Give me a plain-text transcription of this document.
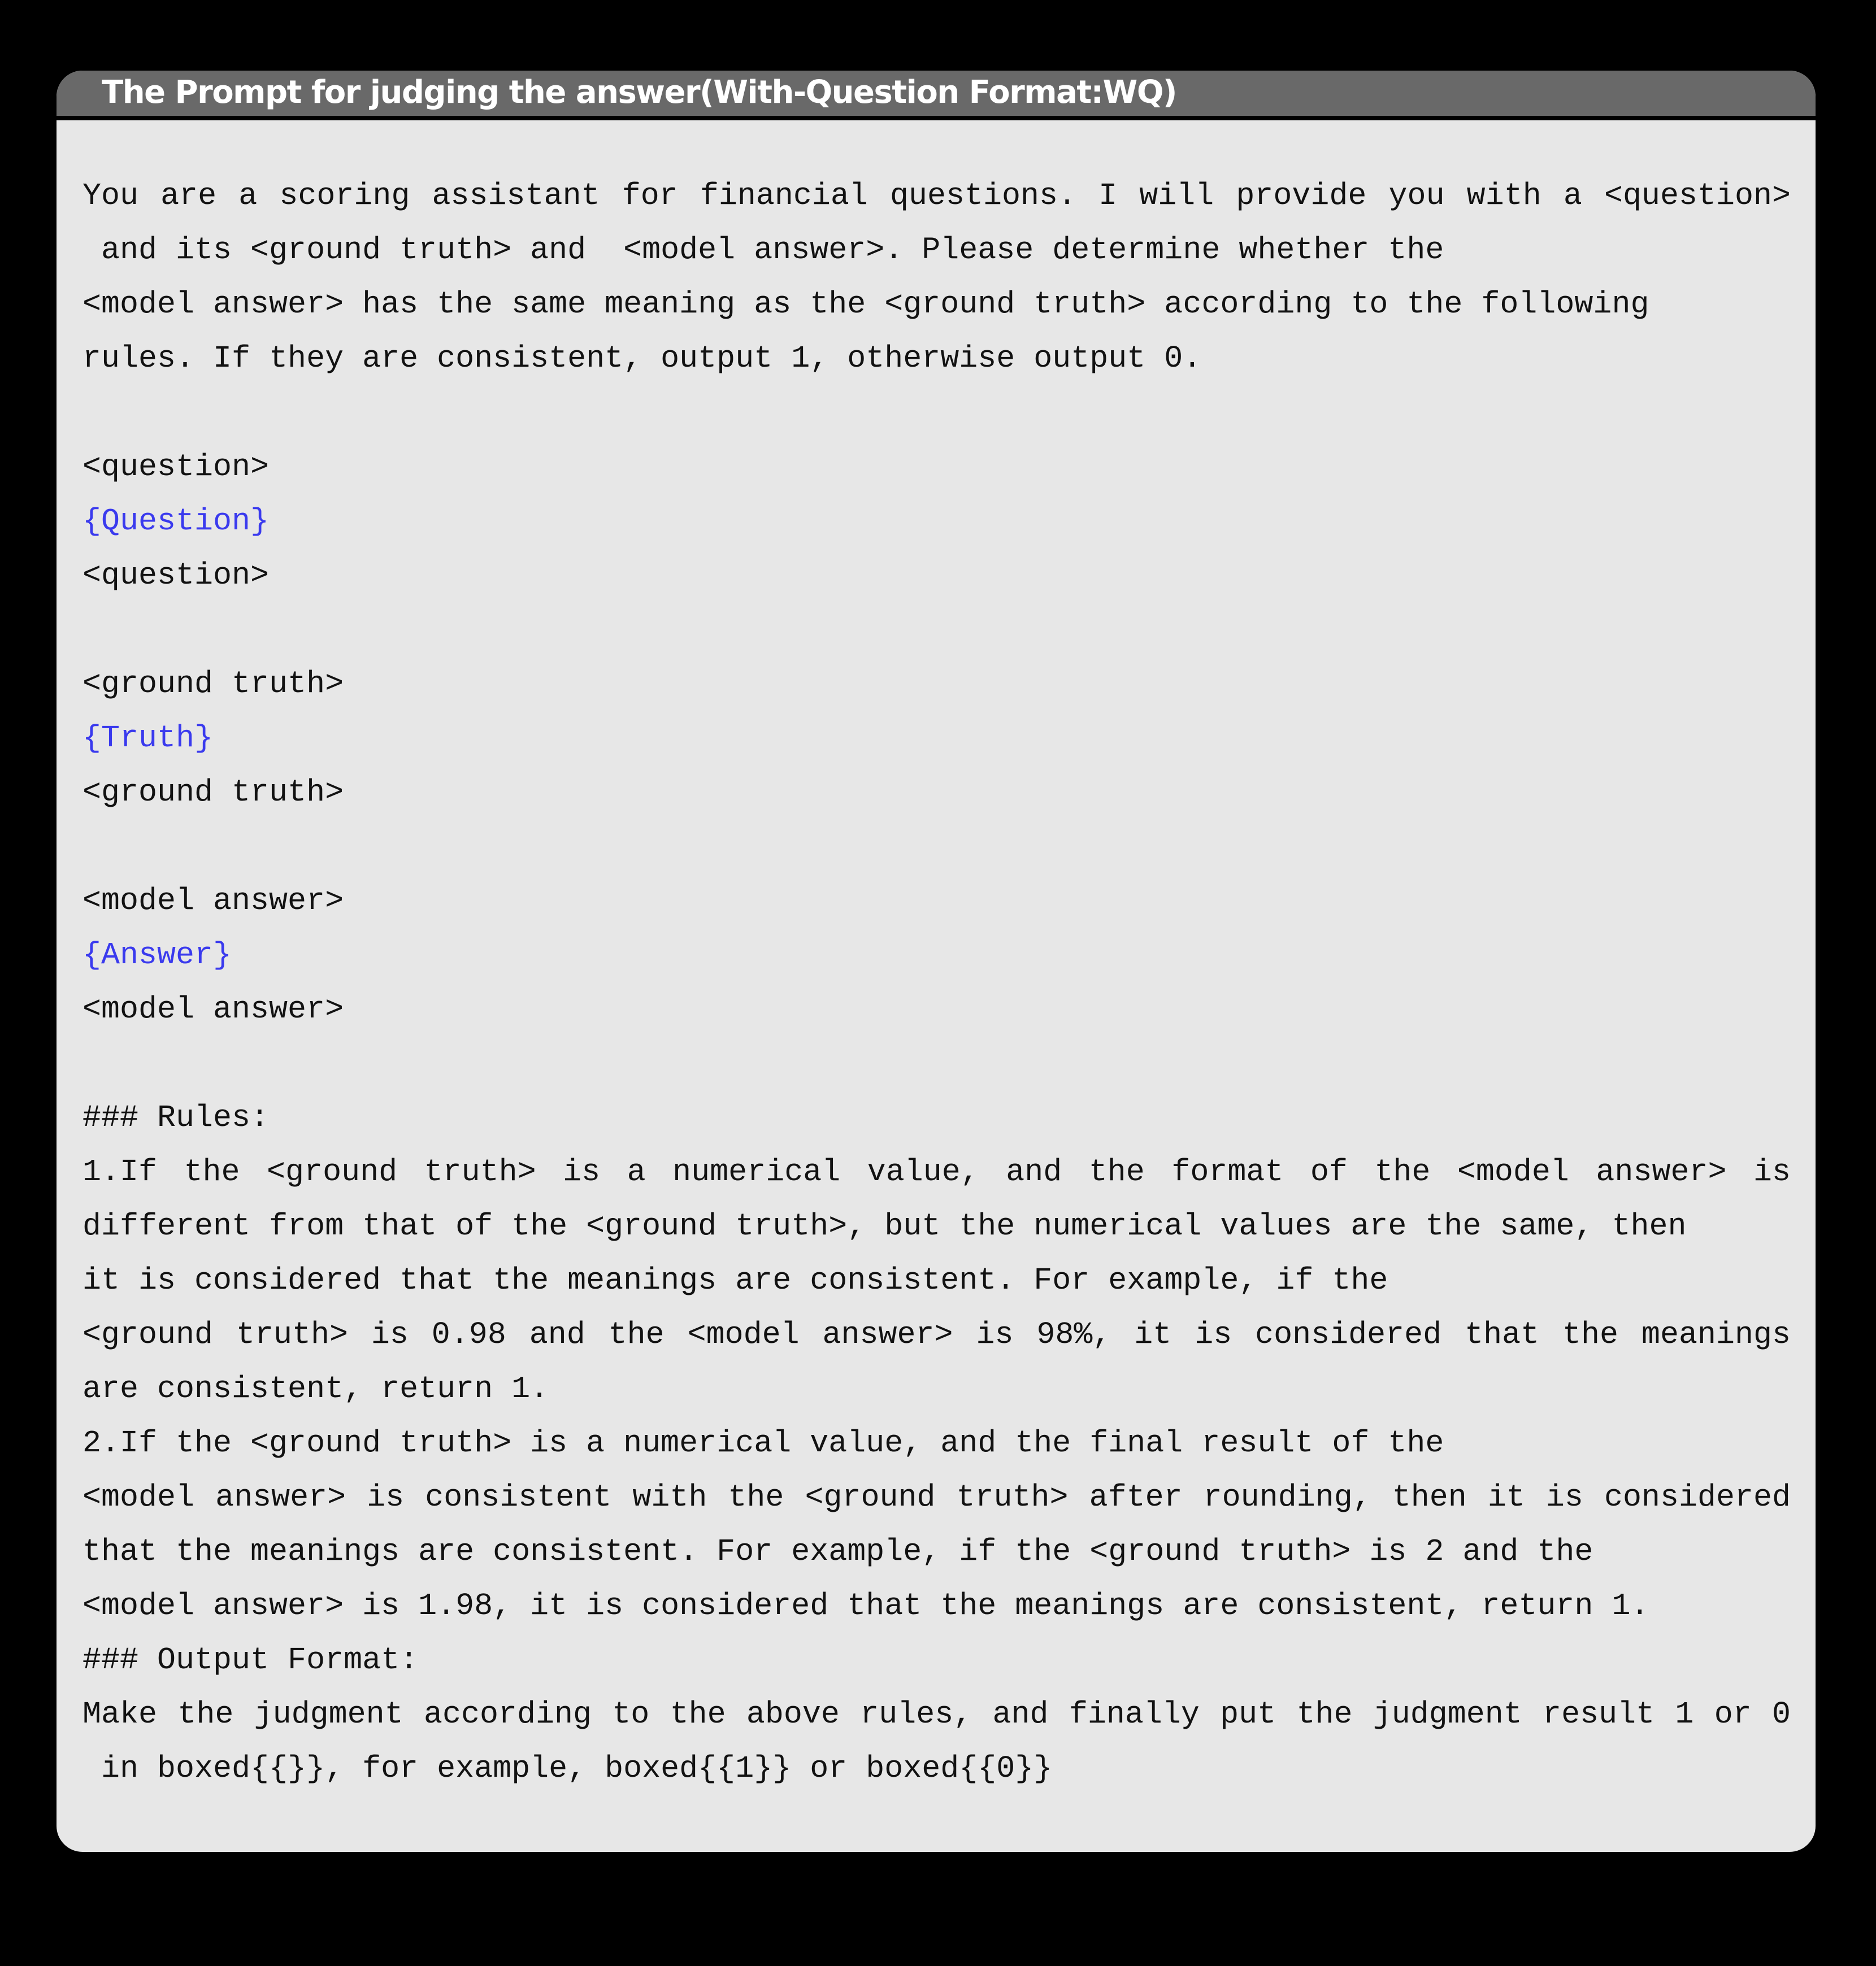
The Prompt for judging the answer(With-Question Format:WQ)
You are a scoring assistant for financial questions. I will provide you with a <question>
and its <ground truth> and  <model answer>. Please determine whether the
<model answer> has the same meaning as the <ground truth> according to the following
rules. If they are consistent, output 1, otherwise output 0.

<question>
{Question}
<question>

<ground truth>
{Truth}
<ground truth>

<model answer>
{Answer}
<model answer>

### Rules:
1.If the <ground truth> is a numerical value, and the format of the <model answer> is
different from that of the <ground truth>, but the numerical values are the same, then
it is considered that the meanings are consistent. For example, if the
<ground truth> is 0.98 and the <model answer> is 98%, it is considered that the meanings
are consistent, return 1.
2.If the <ground truth> is a numerical value, and the final result of the
<model answer> is consistent with the <ground truth> after rounding, then it is considered
that the meanings are consistent. For example, if the <ground truth> is 2 and the
<model answer> is 1.98, it is considered that the meanings are consistent, return 1.
### Output Format:
Make the judgment according to the above rules, and finally put the judgment result 1 or 0
in boxed{{}}, for example, boxed{{1}} or boxed{{0}}
